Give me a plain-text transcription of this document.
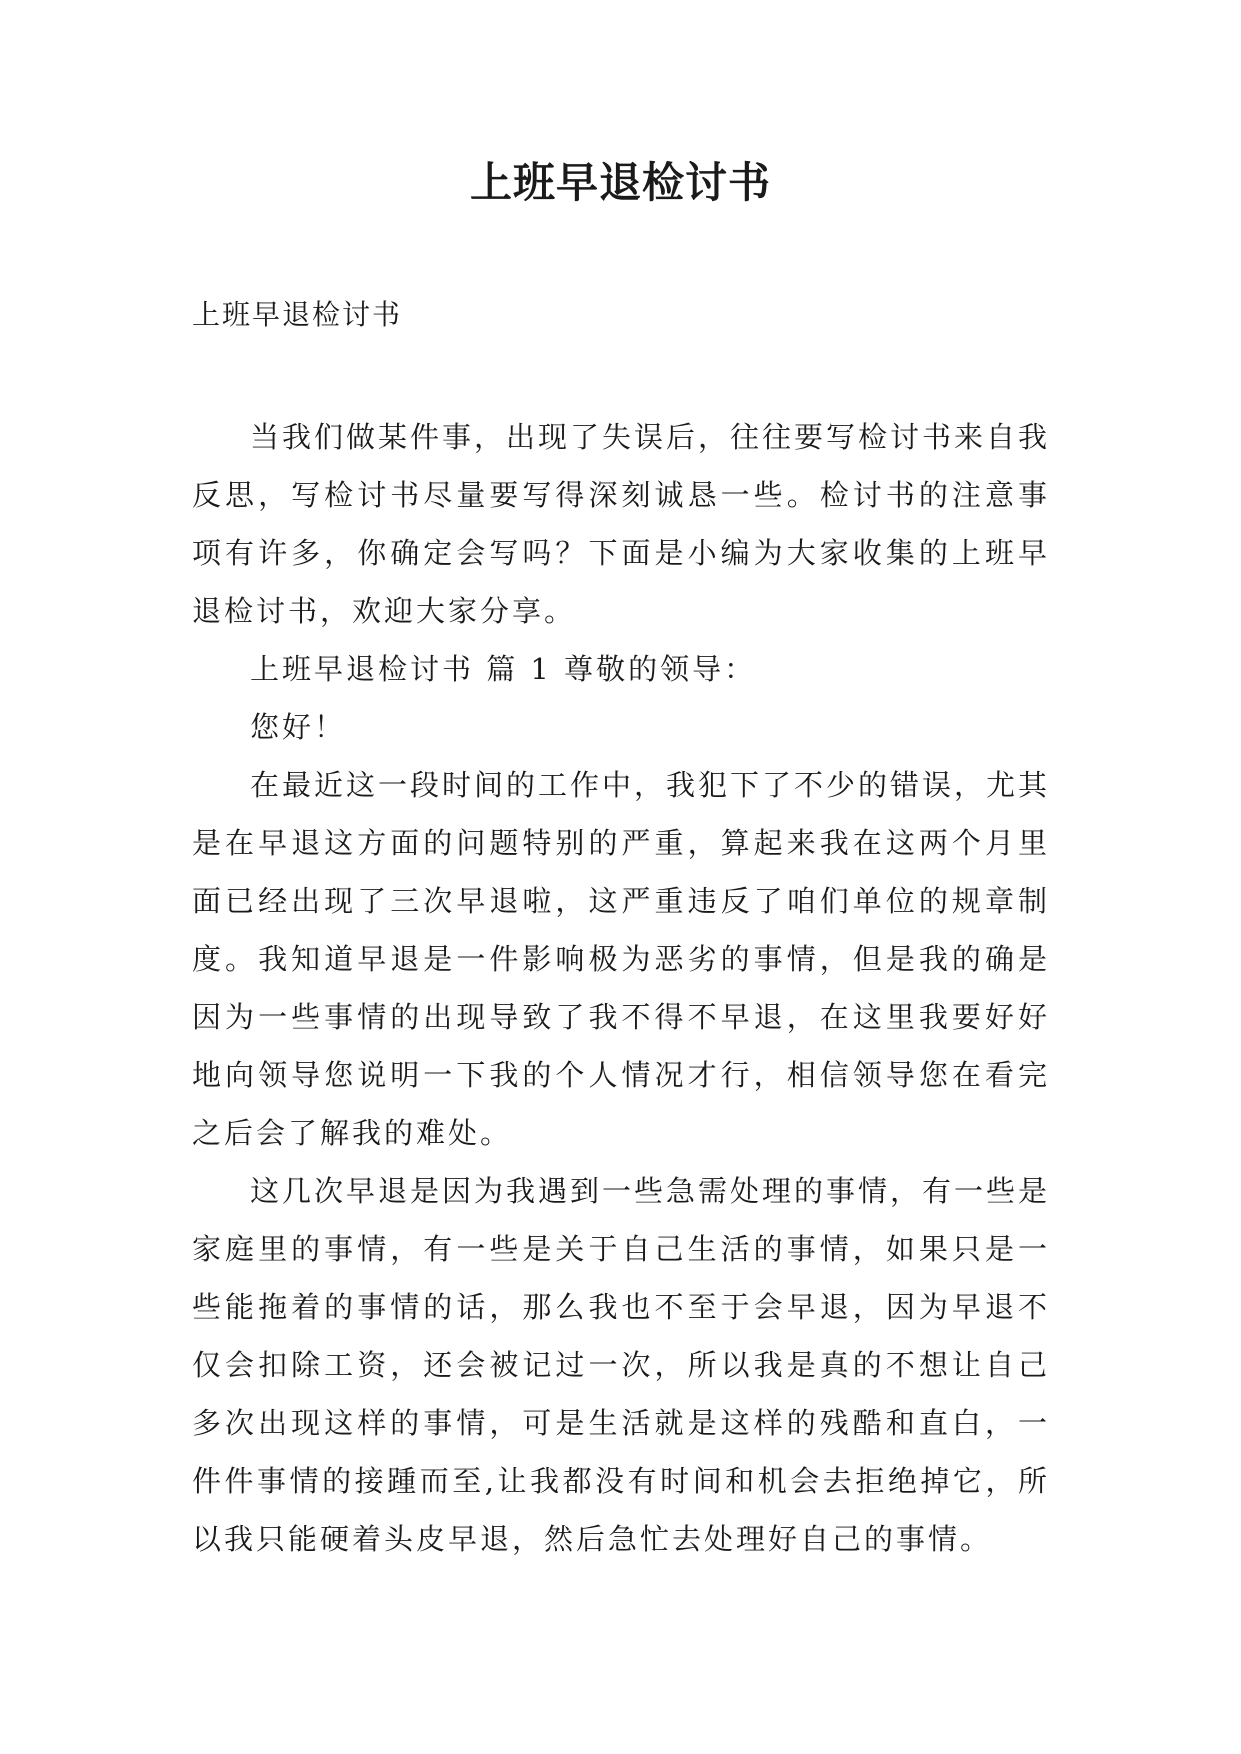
上班早退检讨书
上班早退检讨书

当我们做某件事，出现了失误后，往往要写检讨书来自我反思，写检讨书尽量要写得深刻诚恳一些。检讨书的注意事项有许多，你确定会写吗？下面是小编为大家收集的上班早退检讨书，欢迎大家分享。

上班早退检讨书 篇 1 尊敬的领导：

您好！

在最近这一段时间的工作中，我犯下了不少的错误，尤其是在早退这方面的问题特别的严重，算起来我在这两个月里面已经出现了三次早退啦，这严重违反了咱们单位的规章制度。我知道早退是一件影响极为恶劣的事情，但是我的确是因为一些事情的出现导致了我不得不早退，在这里我要好好地向领导您说明一下我的个人情况才行，相信领导您在看完之后会了解我的难处。

这几次早退是因为我遇到一些急需处理的事情，有一些是家庭里的事情，有一些是关于自己生活的事情，如果只是一些能拖着的事情的话，那么我也不至于会早退，因为早退不仅会扣除工资，还会被记过一次，所以我是真的不想让自己多次出现这样的事情，可是生活就是这样的残酷和直白，一件件事情的接踵而至,让我都没有时间和机会去拒绝掉它，所以我只能硬着头皮早退，然后急忙去处理好自己的事情。
